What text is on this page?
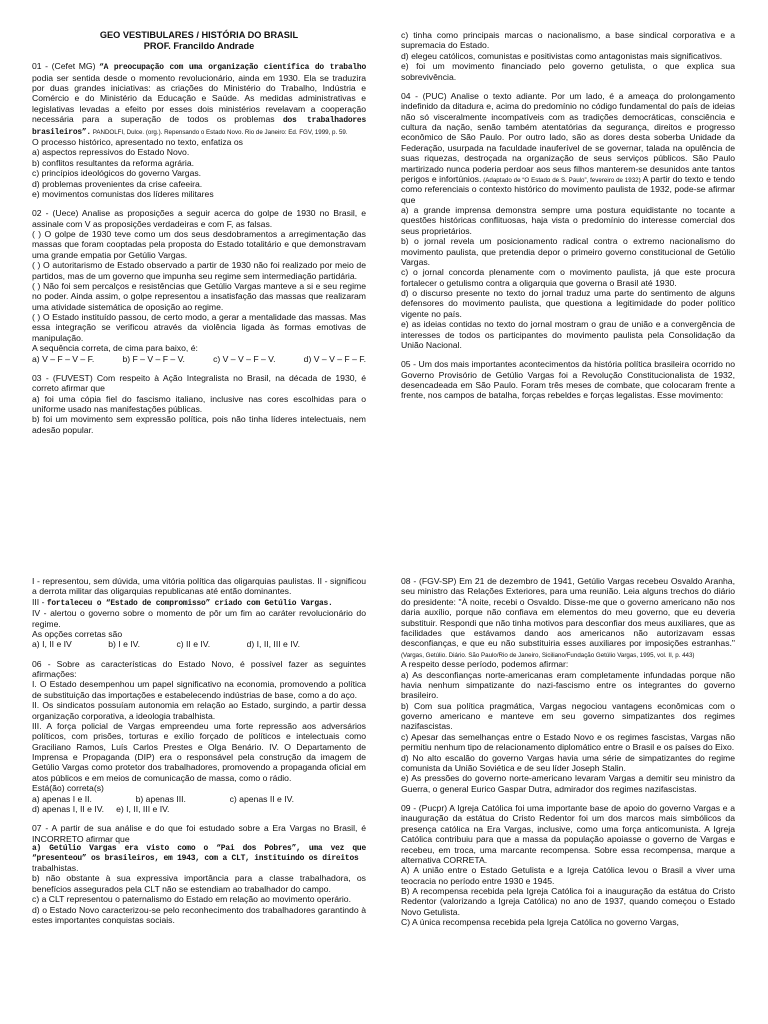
GEO VESTIBULARES / HISTÓRIA DO BRASIL

PROF. Francildo Andrade

01 - (Cefet MG) “A preocupação com uma organização científica do trabalho podia ser sentida desde o momento revolucionário, ainda em 1930. Ela se traduzira por duas grandes iniciativas: as criações do Ministério do Trabalho, Indústria e Comércio e do Ministério da Educação e Saúde. As medidas administrativas e legislativas levadas a efeito por esses dois ministérios revelavam a cooperação necessária para a superação de todos os problemas dos trabalhadores brasileiros”. PANDOLFI, Dulce. (org.). Repensando o Estado Novo. Rio de Janeiro: Ed. FGV, 1999, p. 59.

O processo histórico, apresentado no texto, enfatiza os

a) aspectos repressivos do Estado Novo.

b) conflitos resultantes da reforma agrária.

c) princípios ideológicos do governo Vargas.

d) problemas provenientes da crise cafeeira.

e) movimentos comunistas dos líderes militares

02 - (Uece) Analise as proposições a seguir acerca do golpe de 1930 no Brasil, e assinale com V as proposições verdadeiras e com F, as falsas.

( ) O golpe de 1930 teve como um dos seus desdobramentos a arregimentação das massas que foram cooptadas pela proposta do Estado totalitário e que demonstravam uma grande empatia por Getúlio Vargas.

( ) O autoritarismo de Estado observado a partir de 1930 não foi realizado por meio de partidos, mas de um governo que impunha seu regime sem intermediação partidária.

( ) Não foi sem percalços e resistências que Getúlio Vargas manteve a si e seu regime no poder. Ainda assim, o golpe representou a insatisfação das massas que realizaram uma atividade sistemática de oposição ao regime.

( ) O Estado instituído passou, de certo modo, a gerar a mentalidade das massas. Mas essa integração se verificou através da violência ligada às formas emotivas de manipulação.

A sequência correta, de cima para baixo, é:

a) V – F – V – F.	b) F – V – F – V.	c) V – V – F – V.	d) V – V – F – F.

03 - (FUVEST) Com respeito à Ação Integralista no Brasil, na década de 1930, é correto afirmar que

a) foi uma cópia fiel do fascismo italiano, inclusive nas cores escolhidas para o uniforme usado nas manifestações públicas.

b) foi um movimento sem expressão política, pois não tinha líderes intelectuais, nem adesão popular.

c) tinha como principais marcas o nacionalismo, a base sindical corporativa e a supremacia do Estado.

d) elegeu católicos, comunistas e positivistas como antagonistas mais significativos.

e) foi um movimento financiado pelo governo getulista, o que explica sua sobrevivência.

04 - (PUC) Analise o texto adiante. Por um lado, é a ameaça do prolongamento indefinido da ditadura e, acima do predomínio no código fundamental do país de ideias não só visceralmente incompatíveis com as tradições democráticas, consciência e cultura da nação, senão também atentatórias da segurança, direitos e progresso econômico de São Paulo. Por outro lado, são as dores desta soberba Unidade da Federação, usurpada na faculdade inauferível de se governar, talada na opulência de suas riquezas, destroçada na organização de seus serviços públicos. São Paulo martirizado nunca poderia perdoar aos seus filhos manterem-se desunidos ante tantos perigos e infortúnios. (Adaptado de “O Estado de S. Paulo”, fevereiro de 1932) A partir do texto e tendo como referenciais o contexto histórico do movimento paulista de 1932, pode-se afirmar que

a) a grande imprensa demonstra sempre uma postura equidistante no tocante a questões históricas conflituosas, haja vista o predomínio do interesse comercial dos seus proprietários.

b) o jornal revela um posicionamento radical contra o extremo nacionalismo do movimento paulista, que pretendia depor o primeiro governo constitucional de Getúlio Vargas.

c) o jornal concorda plenamente com o movimento paulista, já que este procura fortalecer o getulismo contra a oligarquia que governa o Brasil até 1930.

d) o discurso presente no texto do jornal traduz uma parte do sentimento de alguns defensores do movimento paulista, que questiona a legitimidade do poder político vigente no país.

e) as ideias contidas no texto do jornal mostram o grau de união e a convergência de interesses de todos os participantes do movimento paulista pela Consolidação da União Nacional.

05 - Um dos mais importantes acontecimentos da história política brasileira ocorrido no Governo Provisório de Getúlio Vargas foi a Revolução Constitucionalista de 1932, desencadeada em São Paulo. Foram três meses de combate, que colocaram frente a frente, nos campos de batalha, forças rebeldes e forças legalistas. Esse movimento:

I - representou, sem dúvida, uma vitória política das oligarquias paulistas. II - significou a derrota militar das oligarquias republicanas até então dominantes.

III - fortaleceu o “Estado de compromisso” criado com Getúlio Vargas.

IV - alertou o governo sobre o momento de pôr um fim ao caráter revolucionário do regime.

As opções corretas são

a) I, II e IV	b) I e IV.	c) II e IV.	d) I, II, III e IV.

06 - Sobre as características do Estado Novo, é possível fazer as seguintes afirmações:

I. O Estado desempenhou um papel significativo na economia, promovendo a política de substituição das importações e estabelecendo indústrias de base, como a do aço.

II. Os sindicatos possuíam autonomia em relação ao Estado, surgindo, a partir dessa organização corporativa, a ideologia trabalhista.

III. A força policial de Vargas empreendeu uma forte repressão aos adversários políticos, com prisões, torturas e exílio forçado de políticos e intelectuais como Graciliano Ramos, Luís Carlos Prestes e Olga Benário. IV. O Departamento de Imprensa e Propaganda (DIP) era o responsável pela construção da imagem de Getúlio Vargas como protetor dos trabalhadores, promovendo a propaganda oficial em atos públicos e em meios de comunicação de massa, como o rádio.

Está(ão) correta(s)

a) apenas I e II.	b) apenas III.	c) apenas II e IV.

d) apenas I, II e IV. e) I, II, III e IV.

07 - A partir de sua análise e do que foi estudado sobre a Era Vargas no Brasil, é INCORRETO afirmar que

a) Getúlio Vargas era visto como o “Pai dos Pobres”, uma vez que “presenteou” os brasileiros, em 1943, com a CLT, instituindo os direitos

trabalhistas.

b) não obstante à sua expressiva importância para a classe trabalhadora, os benefícios assegurados pela CLT não se estendiam ao trabalhador do campo.

c) a CLT representou o paternalismo do Estado em relação ao movimento operário.

d) o Estado Novo caracterizou-se pelo reconhecimento dos trabalhadores garantindo à estes importantes conquistas sociais.

08 - (FGV-SP) Em 21 de dezembro de 1941, Getúlio Vargas recebeu Osvaldo Aranha, seu ministro das Relações Exteriores, para uma reunião. Leia alguns trechos do diário do presidente: "À noite, recebi o Osvaldo. Disse-me que o governo americano não nos daria auxílio, porque não confiava em elementos do meu governo, que eu deveria substituir. Respondi que não tinha motivos para desconfiar dos meus auxiliares, que as facilidades que estávamos dando aos americanos não autorizavam essas desconfianças, e que eu não substituiria esses auxiliares por imposições estranhas." (Vargas, Getúlio. Diário. São Paulo/Rio de Janeiro, Siciliano/Fundação Getúlio Vargas, 1995, vol. II, p. 443)

A respeito desse período, podemos afirmar:

a) As desconfianças norte-americanas eram completamente infundadas porque não havia nenhum simpatizante do nazi-fascismo entre os integrantes do governo brasileiro.

b) Com sua política pragmática, Vargas negociou vantagens econômicas com o governo americano e manteve em seu governo simpatizantes dos regimes nazifascistas.

c) Apesar das semelhanças entre o Estado Novo e os regimes fascistas, Vargas não permitiu nenhum tipo de relacionamento diplomático entre o Brasil e os países do Eixo.

d) No alto escalão do governo Vargas havia uma série de simpatizantes do regime comunista da União Soviética e de seu líder Joseph Stalin.

e) As pressões do governo norte-americano levaram Vargas a demitir seu ministro da Guerra, o general Eurico Gaspar Dutra, admirador dos regimes nazifascistas.

09 - (Pucpr) A Igreja Católica foi uma importante base de apoio do governo Vargas e a inauguração da estátua do Cristo Redentor foi um dos marcos mais simbólicos da presença católica na Era Vargas, inclusive, como uma força anticomunista. A Igreja Católica contribuiu para que a massa da população apoiasse o governo de Vargas e recebeu, em troca, uma marcante recompensa. Sobre essa recompensa, marque a alternativa CORRETA.

A) A união entre o Estado Getulista e a Igreja Católica levou o Brasil a viver uma teocracia no período entre 1930 e 1945.

B) A recompensa recebida pela Igreja Católica foi a inauguração da estátua do Cristo Redentor (valorizando a Igreja Católica) no ano de 1937, quando começou o Estado Novo Getulista.

C) A única recompensa recebida pela Igreja Católica no governo Vargas,
